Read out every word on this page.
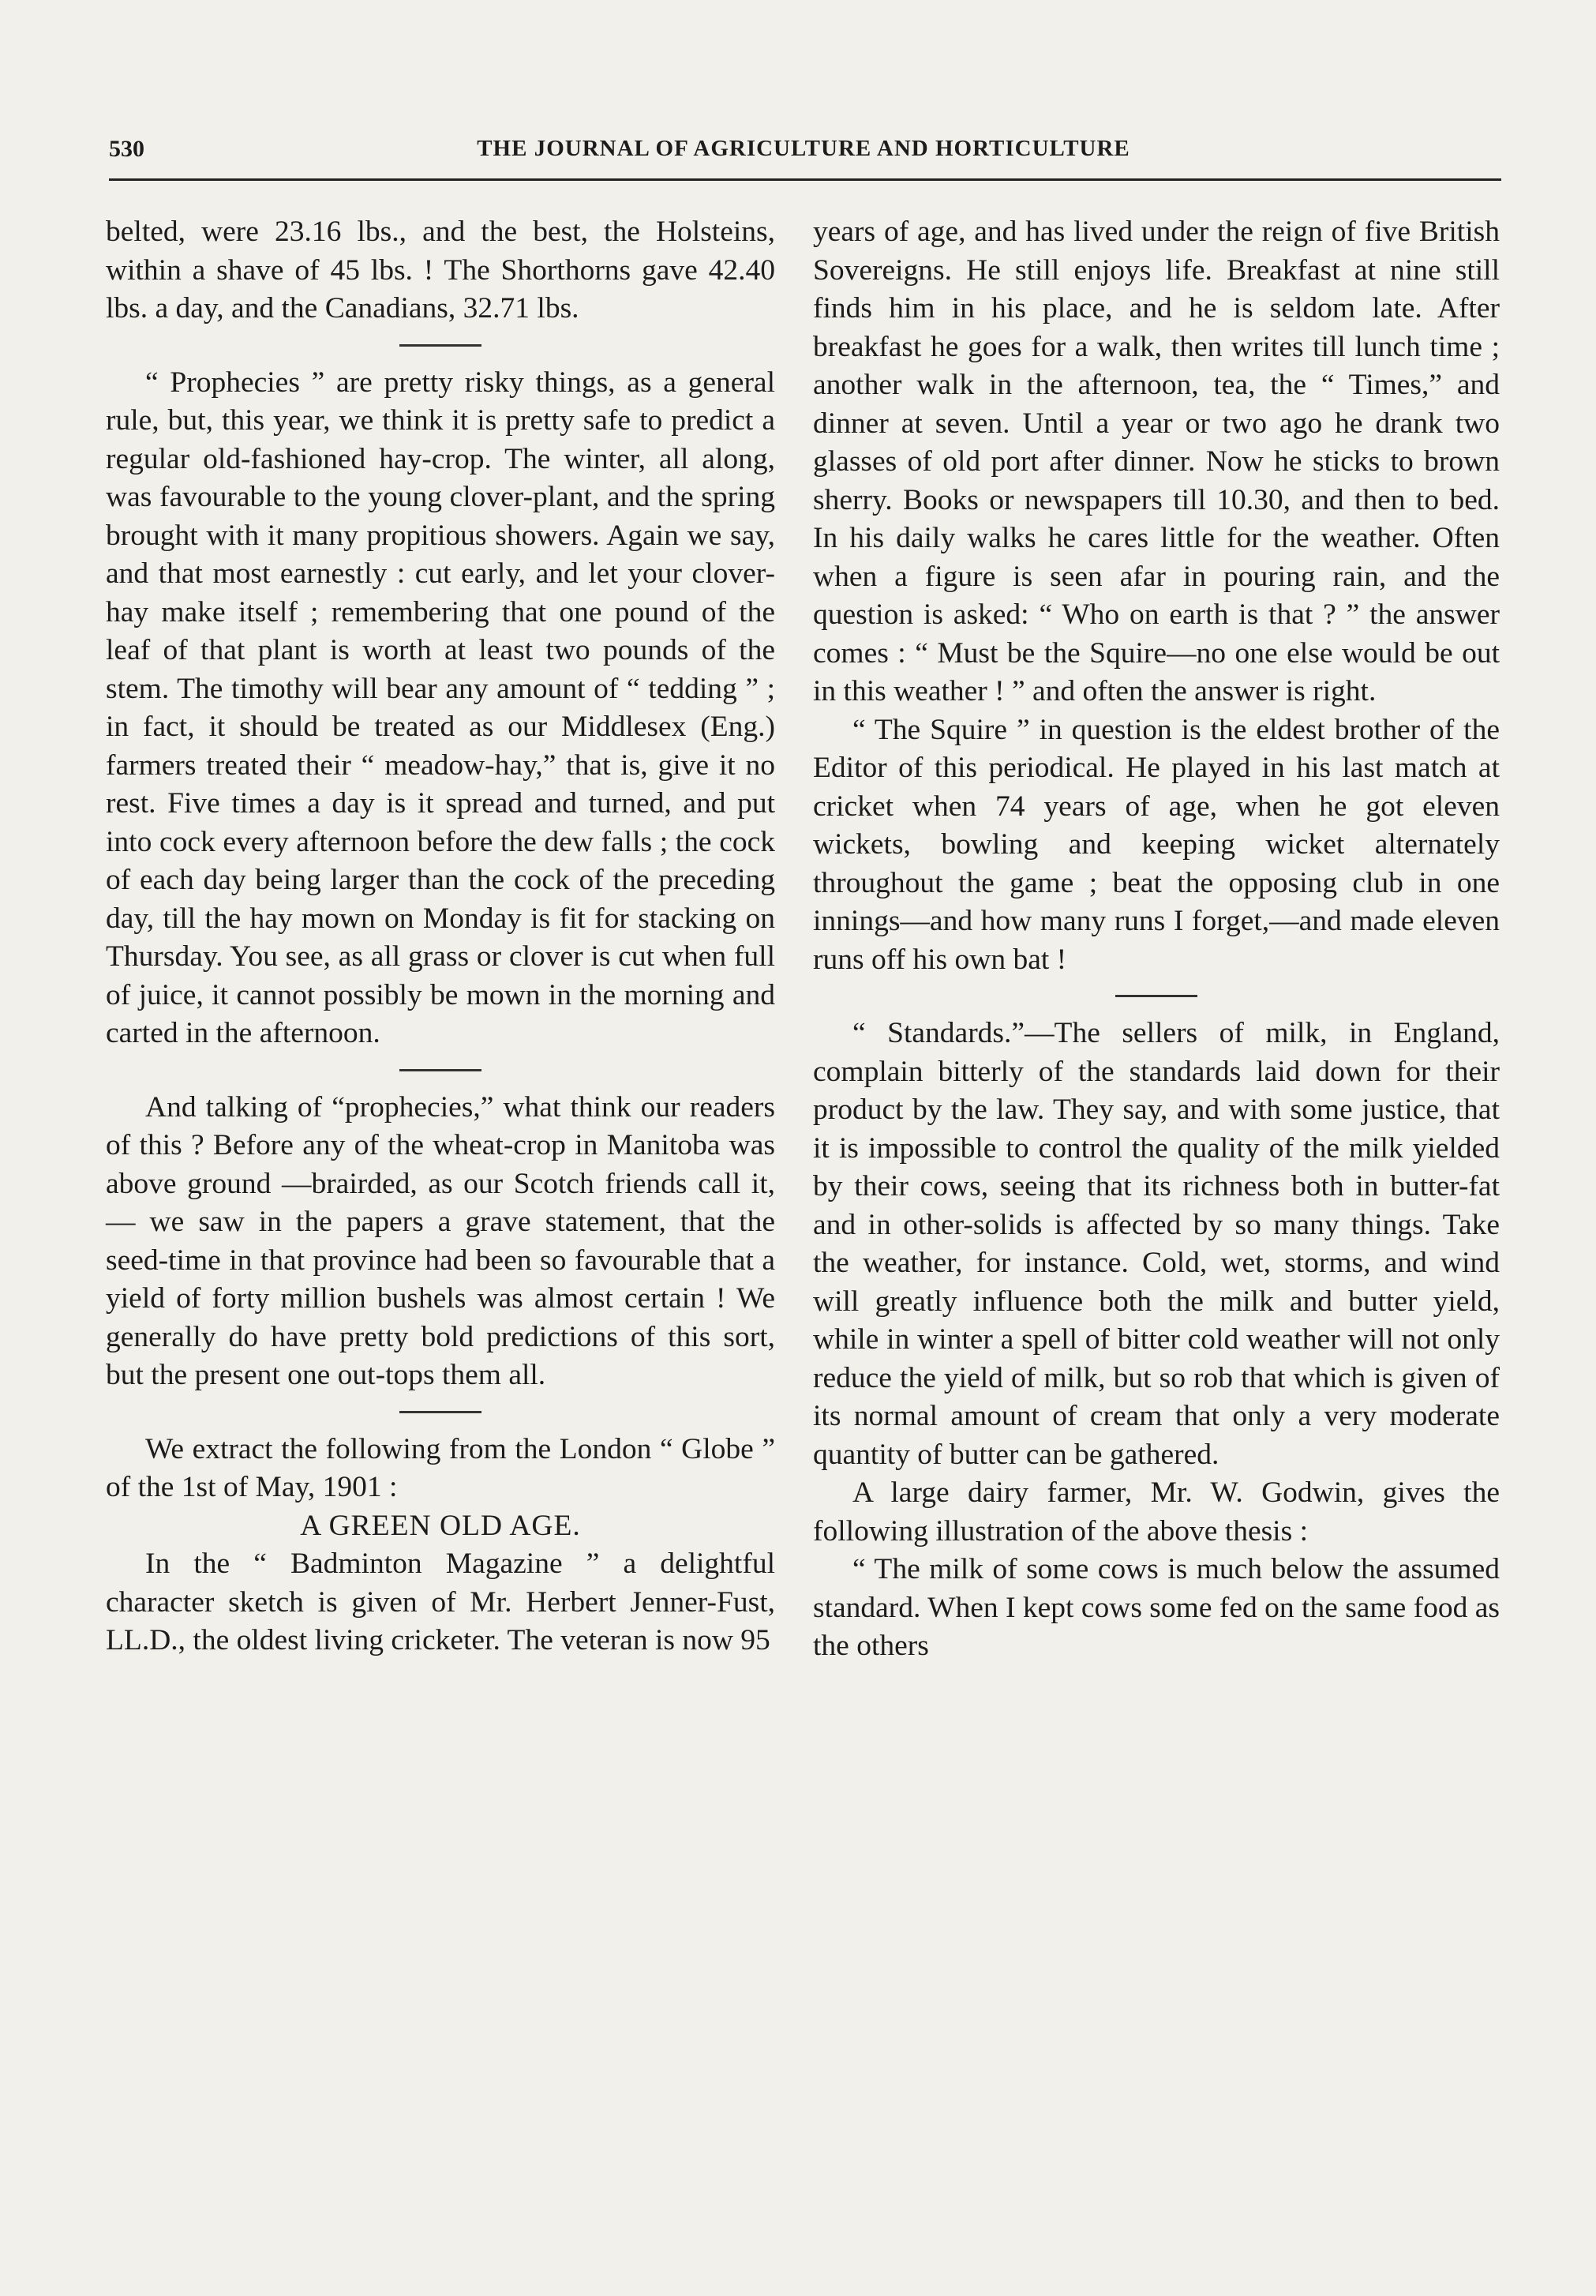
530	THE JOURNAL OF AGRICULTURE AND HORTICULTURE

belted, were 23.16 lbs., and the best, the Holsteins, within a shave of 45 lbs. ! The Shorthorns gave 42.40 lbs. a day, and the Canadians, 32.71 lbs.

“ Prophecies ” are pretty risky things, as a general rule, but, this year, we think it is pretty safe to predict a regular old-fashioned hay-crop. The winter, all along, was favourable to the young clover-plant, and the spring brought with it many propitious showers. Again we say, and that most earnestly : cut early, and let your clover-hay make itself ; remembering that one pound of the leaf of that plant is worth at least two pounds of the stem. The timothy will bear any amount of “ tedding ” ; in fact, it should be treated as our Middlesex (Eng.) farmers treated their “ meadow-hay,” that is, give it no rest. Five times a day is it spread and turned, and put into cock every afternoon before the dew falls ; the cock of each day being larger than the cock of the preceding day, till the hay mown on Monday is fit for stacking on Thursday. You see, as all grass or clover is cut when full of juice, it cannot possibly be mown in the morning and carted in the afternoon.

And talking of “prophecies,” what think our readers of this ? Before any of the wheat-crop in Manitoba was above ground —brairded, as our Scotch friends call it,— we saw in the papers a grave statement, that the seed-time in that province had been so favourable that a yield of forty million bushels was almost certain ! We generally do have pretty bold predictions of this sort, but the present one out-tops them all.

We extract the following from the London “ Globe ” of the 1st of May, 1901 :

A GREEN OLD AGE.

In the “ Badminton Magazine ” a delightful character sketch is given of Mr. Herbert Jenner-Fust, LL.D., the oldest living cricketer. The veteran is now 95

years of age, and has lived under the reign of five British Sovereigns. He still enjoys life. Breakfast at nine still finds him in his place, and he is seldom late. After breakfast he goes for a walk, then writes till lunch time ; another walk in the afternoon, tea, the “ Times,” and dinner at seven. Until a year or two ago he drank two glasses of old port after dinner. Now he sticks to brown sherry. Books or newspapers till 10.30, and then to bed. In his daily walks he cares little for the weather. Often when a figure is seen afar in pouring rain, and the question is asked: “ Who on earth is that ? ” the answer comes : “ Must be the Squire—no one else would be out in this weather ! ” and often the answer is right.

“ The Squire ” in question is the eldest brother of the Editor of this periodical. He played in his last match at cricket when 74 years of age, when he got eleven wickets, bowling and keeping wicket alternately throughout the game ; beat the opposing club in one innings—and how many runs I forget,—and made eleven runs off his own bat !

“ Standards.”—The sellers of milk, in England, complain bitterly of the standards laid down for their product by the law. They say, and with some justice, that it is impossible to control the quality of the milk yielded by their cows, seeing that its richness both in butter-fat and in other-solids is affected by so many things. Take the weather, for instance. Cold, wet, storms, and wind will greatly influence both the milk and butter yield, while in winter a spell of bitter cold weather will not only reduce the yield of milk, but so rob that which is given of its normal amount of cream that only a very moderate quantity of butter can be gathered.

A large dairy farmer, Mr. W. Godwin, gives the following illustration of the above thesis :

“ The milk of some cows is much below the assumed standard. When I kept cows some fed on the same food as the others
